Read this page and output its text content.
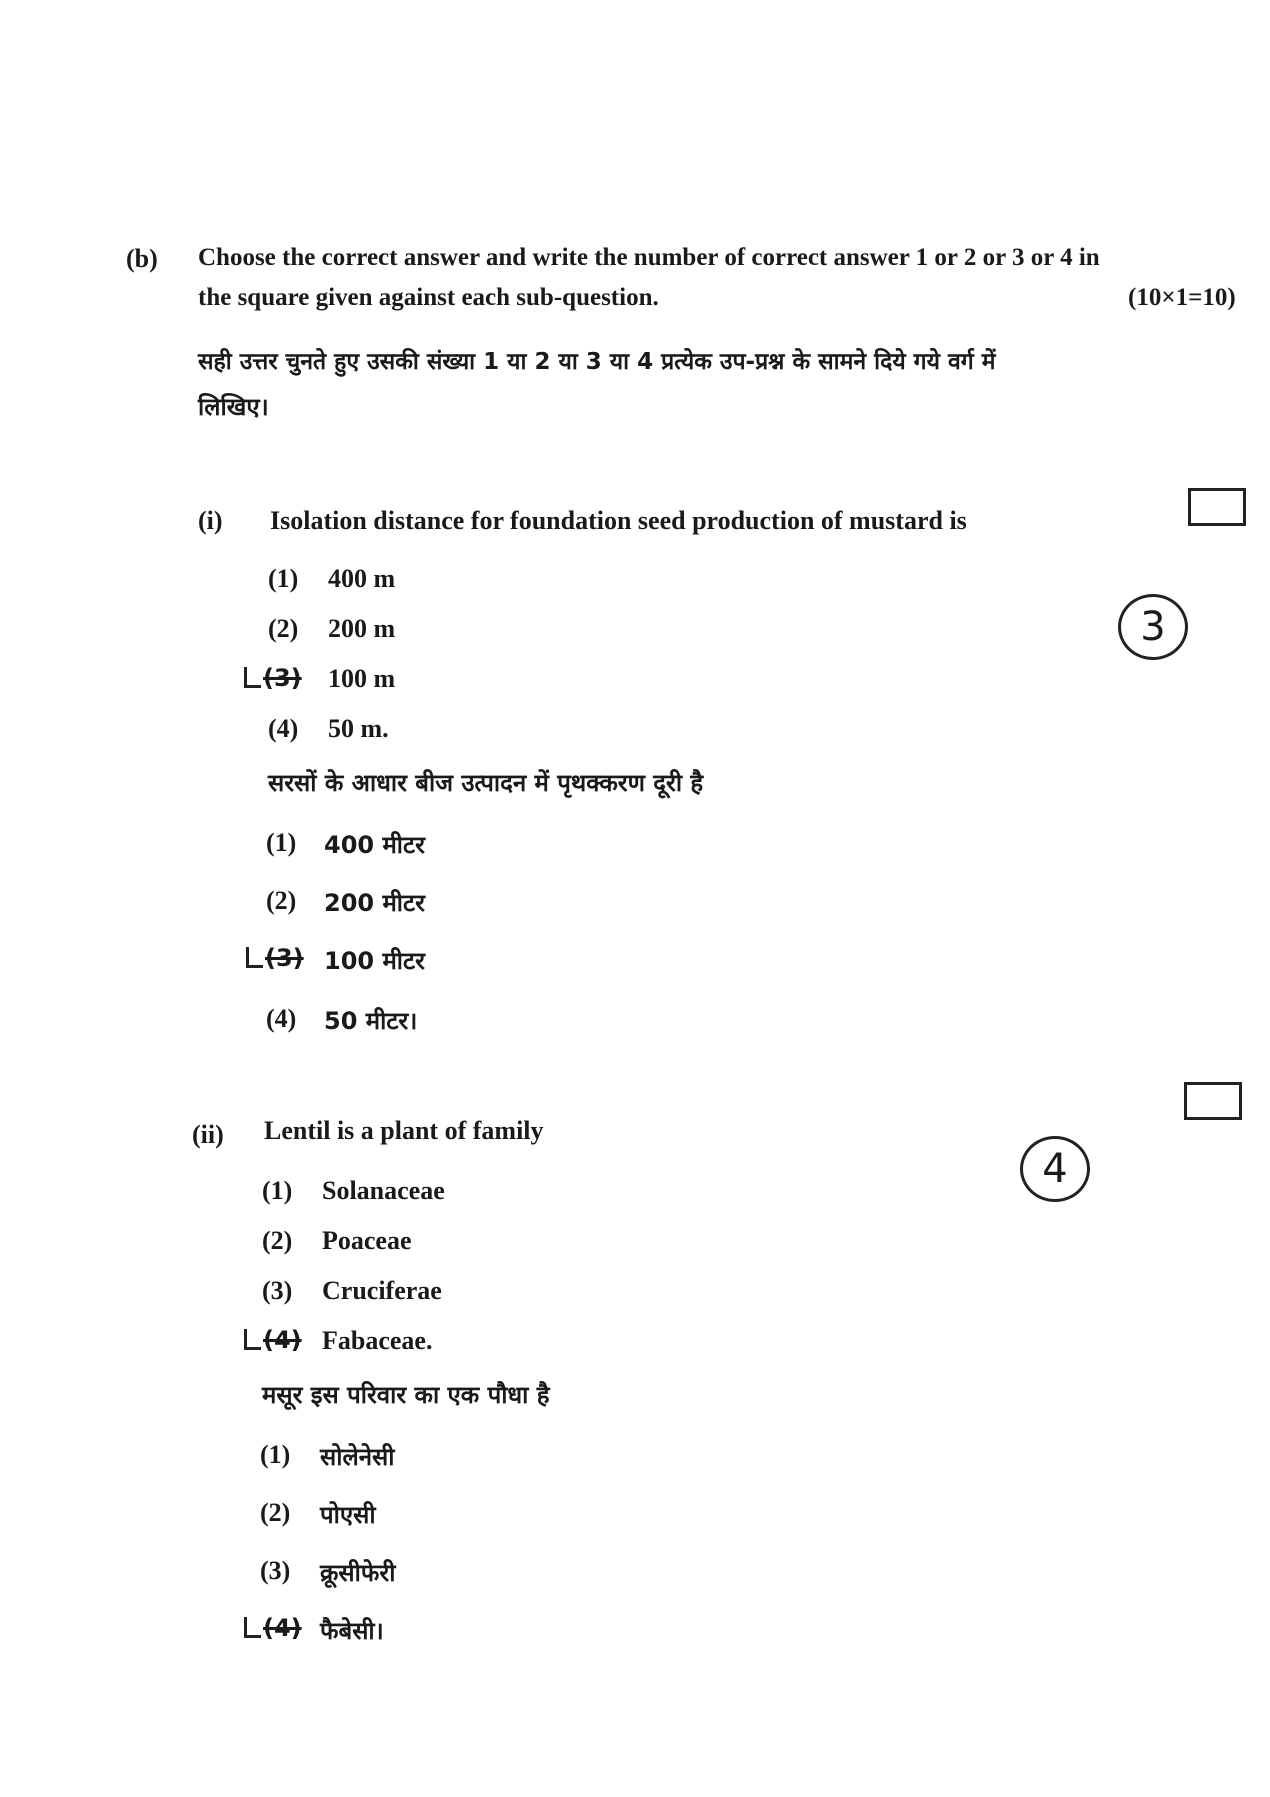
(b) Choose the correct answer and write the number of correct answer 1 or 2 or 3 or 4 in
the square given against each sub-question.	(10×1=10)
सही उत्तर चुनते हुए उसकी संख्या 1 या 2 या 3 या 4 प्रत्येक उप-प्रश्न के सामने दिये गये वर्ग में
लिखिए।
(i) Isolation distance for foundation seed production of mustard is
(1) 400 m
(2) 200 m
(3) 100 m
(4) 50 m.
3
सरसों के आधार बीज उत्पादन में पृथक्करण दूरी है
(1) 400 मीटर
(2) 200 मीटर
(3) 100 मीटर
(4) 50 मीटर।
(ii) Lentil is a plant of family
4
(1) Solanaceae
(2) Poaceae
(3) Cruciferae
(4) Fabaceae.
मसूर इस परिवार का एक पौधा है
(1) सोलेनेसी
(2) पोएसी
(3) क्रूसीफेरी
(4) फैबेसी।
